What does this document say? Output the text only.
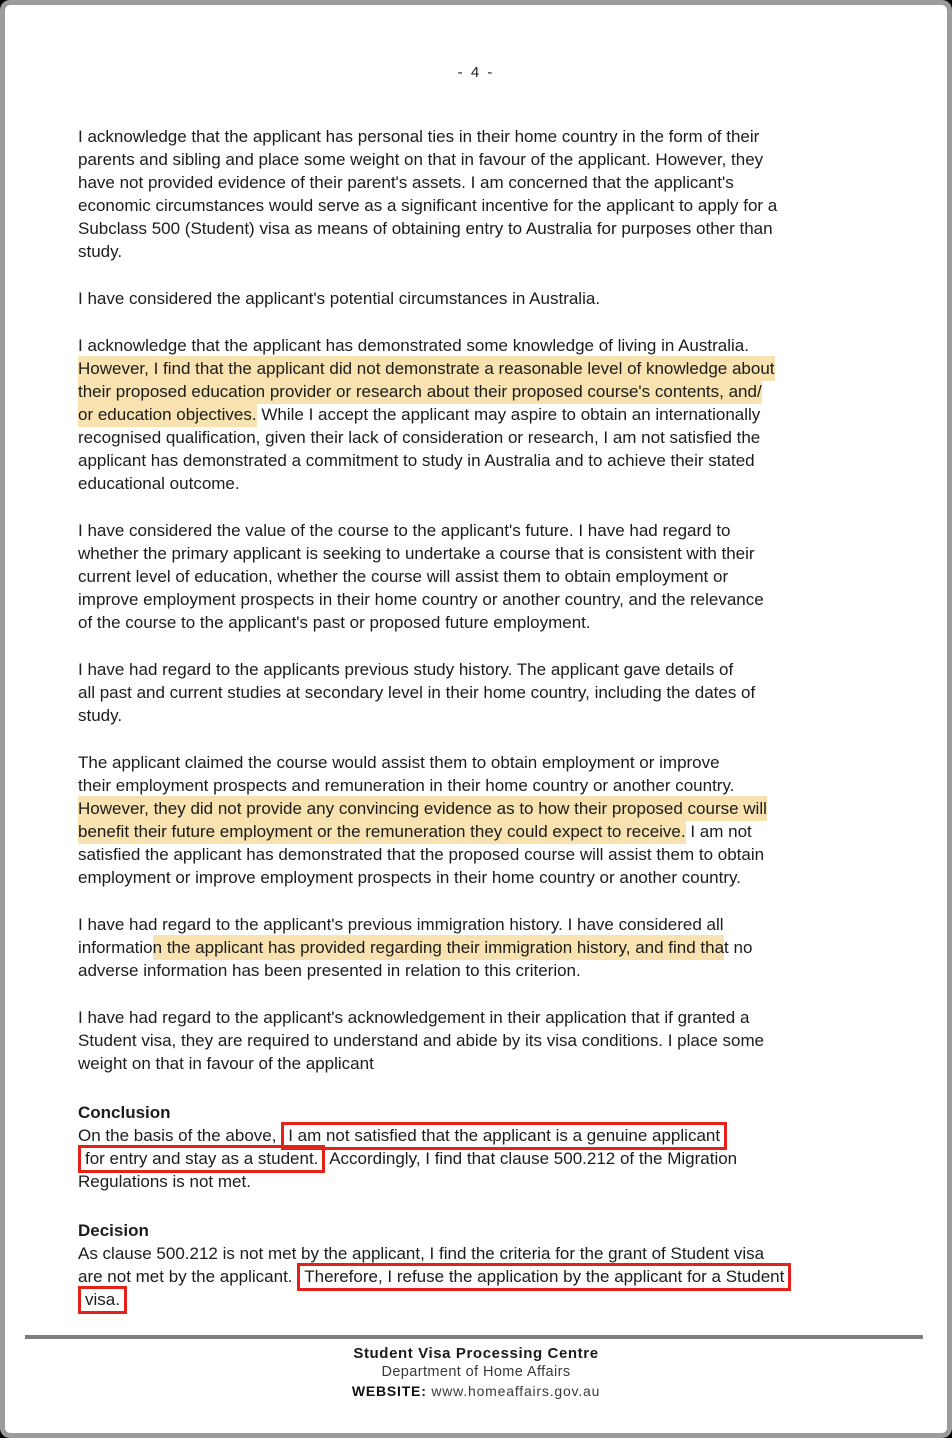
- 4 -
I acknowledge that the applicant has personal ties in their home country in the form of their
parents and sibling and place some weight on that in favour of the applicant. However, they
have not provided evidence of their parent's assets. I am concerned that the applicant's
economic circumstances would serve as a significant incentive for the applicant to apply for a
Subclass 500 (Student) visa as means of obtaining entry to Australia for purposes other than
study.
I have considered the applicant's potential circumstances in Australia.
I acknowledge that the applicant has demonstrated some knowledge of living in Australia.
However, I find that the applicant did not demonstrate a reasonable level of knowledge about
their proposed education provider or research about their proposed course's contents, and/
or education objectives. While I accept the applicant may aspire to obtain an internationally
recognised qualification, given their lack of consideration or research, I am not satisfied the
applicant has demonstrated a commitment to study in Australia and to achieve their stated
educational outcome.
I have considered the value of the course to the applicant's future. I have had regard to
whether the primary applicant is seeking to undertake a course that is consistent with their
current level of education, whether the course will assist them to obtain employment or
improve employment prospects in their home country or another country, and the relevance
of the course to the applicant's past or proposed future employment.
I have had regard to the applicants previous study history. The applicant gave details of
all past and current studies at secondary level in their home country, including the dates of
study.
The applicant claimed the course would assist them to obtain employment or improve
their employment prospects and remuneration in their home country or another country.
However, they did not provide any convincing evidence as to how their proposed course will
benefit their future employment or the remuneration they could expect to receive. I am not
satisfied the applicant has demonstrated that the proposed course will assist them to obtain
employment or improve employment prospects in their home country or another country.
I have had regard to the applicant's previous immigration history. I have considered all
information the applicant has provided regarding their immigration history, and find that no
adverse information has been presented in relation to this criterion.
I have had regard to the applicant's acknowledgement in their application that if granted a
Student visa, they are required to understand and abide by its visa conditions. I place some
weight on that in favour of the applicant
Conclusion
On the basis of the above, I am not satisfied that the applicant is a genuine applicant
for entry and stay as a student. Accordingly, I find that clause 500.212 of the Migration
Regulations is not met.
Decision
As clause 500.212 is not met by the applicant, I find the criteria for the grant of Student visa
are not met by the applicant. Therefore, I refuse the application by the applicant for a Student
visa.
Student Visa Processing Centre
Department of Home Affairs
WEBSITE: www.homeaffairs.gov.au
